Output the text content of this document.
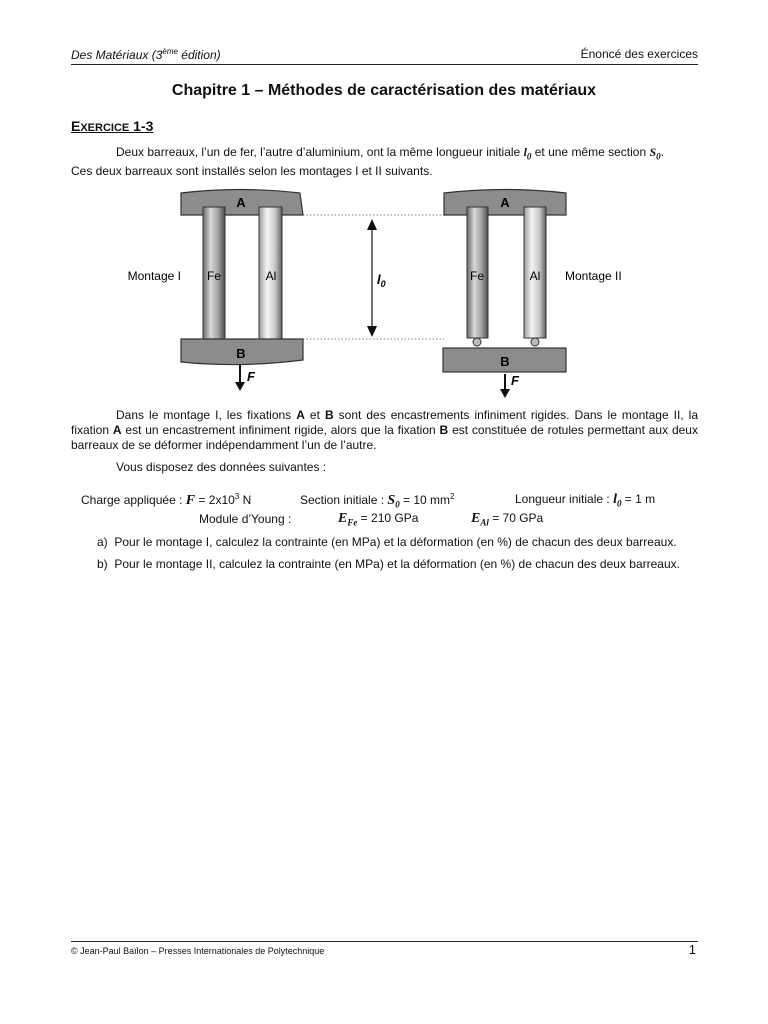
Des Matériaux (3ème édition)	Énoncé des exercices
Chapitre 1 – Méthodes de caractérisation des matériaux
EXERCICE 1-3
Deux barreaux, l’un de fer, l’autre d’aluminium, ont la même longueur initiale $l_0$ et une même section $S_0$.
Ces deux barreaux sont installés selon les montages I et II suivants.
A
B
Fe	Al
Montage I
F
$l_0$
A
B
Fe	Al Montage II
F
Dans le montage I, les fixations A et B sont des encastrements infiniment rigides. Dans le montage II, la fixation A est un encastrement infiniment rigide, alors que la fixation B est constituée de rotules permettant aux deux barreaux de se déformer indépendamment l’un de l’autre.
Vous disposez des données suivantes :
Charge appliquée : $F = 2x10^3$ N	Section initiale : $S_0 = 10$ $mm^2$	Longueur initiale : $l_0 = 1$ m
Module d’Young :	$E_{Fe} = 210$ GPa	$E_{Al} = 70$ GPa
a) Pour le montage I, calculez la contrainte (en MPa) et la déformation (en %) de chacun des deux barreaux.
b) Pour le montage II, calculez la contrainte (en MPa) et la déformation (en %) de chacun des deux barreaux.
© Jean-Paul Baïlon – Presses Internationales de Polytechnique	1
